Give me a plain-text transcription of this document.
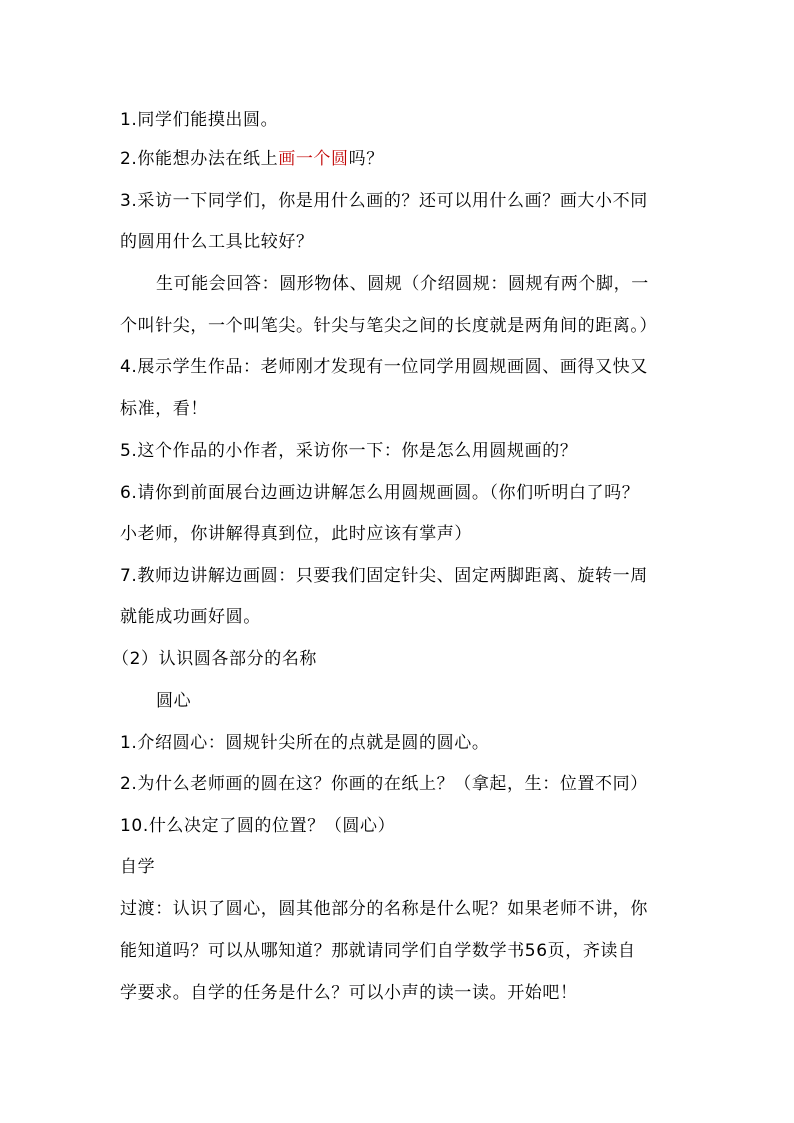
1.同学们能摸出圆。
2.你能想办法在纸上画一个圆吗？
3.采访一下同学们，你是用什么画的？还可以用什么画？画大小不同
的圆用什么工具比较好？
生可能会回答：圆形物体、圆规（介绍圆规：圆规有两个脚，一
个叫针尖，一个叫笔尖。针尖与笔尖之间的长度就是两角间的距离。）
4.展示学生作品：老师刚才发现有一位同学用圆规画圆、画得又快又
标准，看！
5.这个作品的小作者，采访你一下：你是怎么用圆规画的？
6.请你到前面展台边画边讲解怎么用圆规画圆。（你们听明白了吗？
小老师，你讲解得真到位，此时应该有掌声）
7.教师边讲解边画圆：只要我们固定针尖、固定两脚距离、旋转一周
就能成功画好圆。
（2）认识圆各部分的名称
圆心
1.介绍圆心：圆规针尖所在的点就是圆的圆心。
2.为什么老师画的圆在这？你画的在纸上？（拿起，生：位置不同）
10.什么决定了圆的位置？（圆心）
自学
过渡：认识了圆心，圆其他部分的名称是什么呢？如果老师不讲，你
能知道吗？可以从哪知道？那就请同学们自学数学书56页，齐读自
学要求。自学的任务是什么？可以小声的读一读。开始吧！
